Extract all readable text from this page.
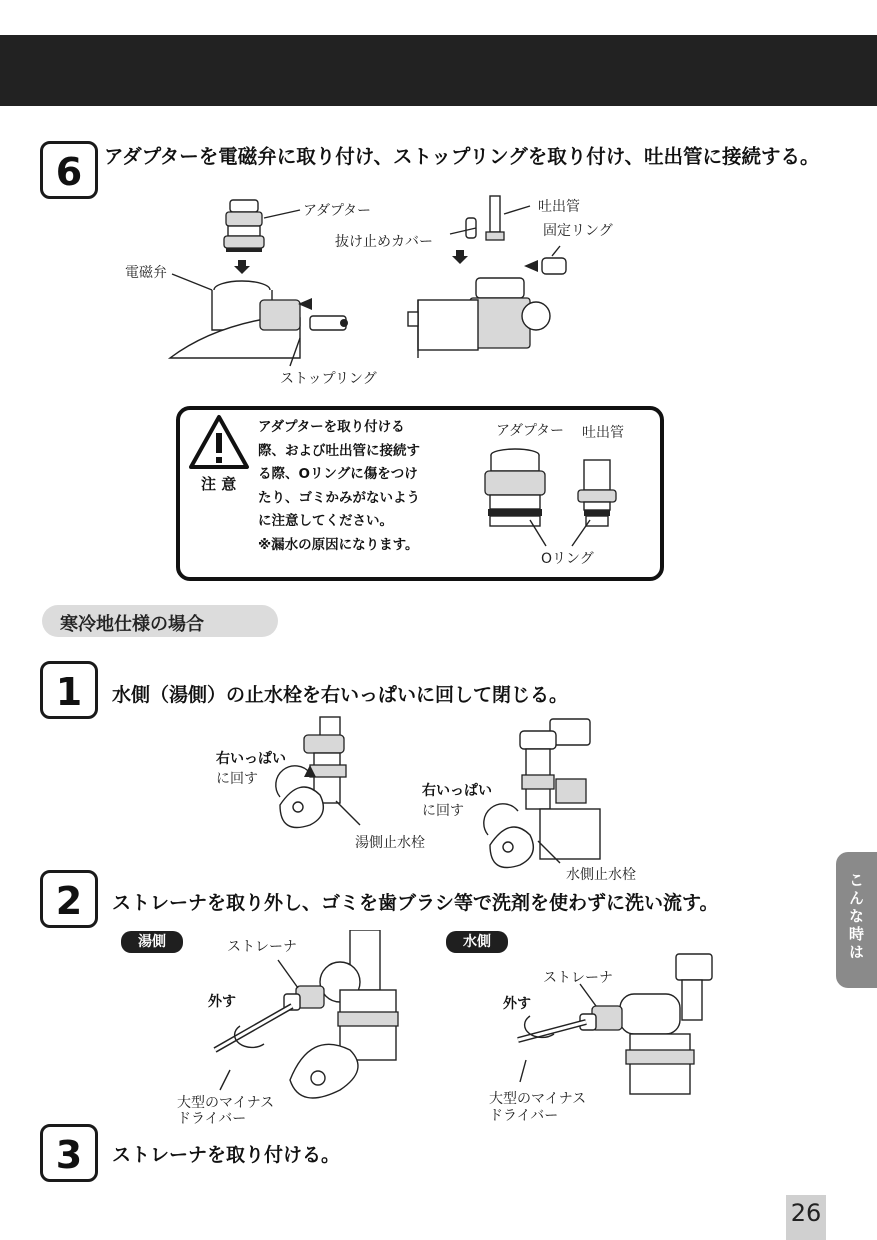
6	アダプターを電磁弁に取り付け、ストップリングを取り付け、吐出管に接続する。
アダプター
電磁弁
ストップリング
吐出管
抜け止めカバー
固定リング
注 意
アダプターを取り付ける
際、および吐出管に接続す
る際、Oリングに傷をつけ
たり、ゴミかみがないよう
に注意してください。
※漏水の原因になります。
アダプター 吐出管
Oリング
寒冷地仕様の場合
1	水側（湯側）の止水栓を右いっぱいに回して閉じる。
右いっぱい
に回す
湯側止水栓
右いっぱい
に回す
水側止水栓
2	ストレーナを取り外し、ゴミを歯ブラシ等で洗剤を使わずに洗い流す。
湯側	水側
ストレーナ
外す
大型のマイナス
ドライバー
ストレーナ
外す
大型のマイナス
ドライバー
3	ストレーナを取り付ける。
こんな時は
26
